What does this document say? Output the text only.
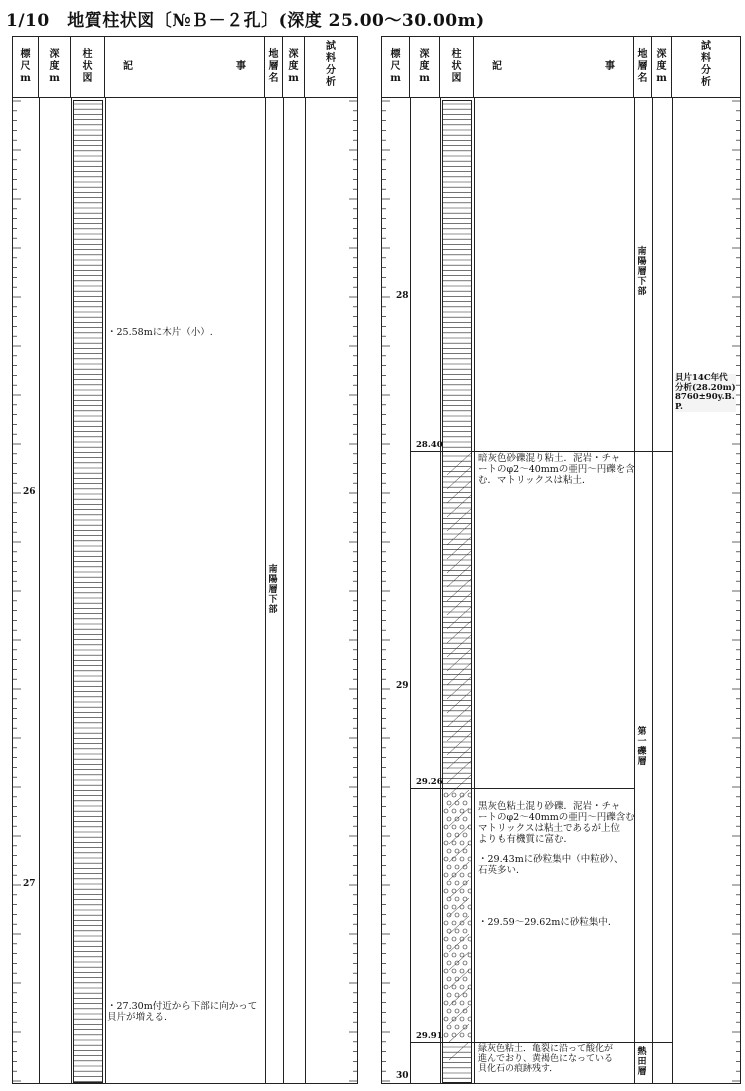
1/10　地質柱状図〔№Ｂ－２孔〕(深度 25.00～30.00m)
標
尺
m
深
度
m
柱
状
図
記	事
地
層
名
深
度
m
試
料
分
析
26
27
・25.58mに木片（小）.
・27.30m付近から下部に向かって
貝片が増える.
南
陽
層
下
部
標
尺
m
深
度
m
柱
状
図
記	事
地
層
名
深
度
m
試
料
分
析
28
29
30
28.40
29.26
29.91
暗灰色砂礫混り粘土．泥岩・チャ
ートのφ2～40mmの亜円～円礫を含
む．マトリックスは粘土．
黒灰色粘土混り砂礫．泥岩・チャ
ートのφ2～40mmの亜円～円礫含む
マトリックスは粘土であるが上位
よりも有機質に富む．
・29.43mに砂粒集中（中粒砂）、
石英多い．
・29.59～29.62mに砂粒集中．
緑灰色粘土．亀裂に沿って酸化が
進んでおり、黄褐色になっている
貝化石の痕跡残す．
南
陽
層
下
部
第
一
礫
層
熱
田
層
貝片14C年代
分析(28.20m)
8760±90y.B.
P.
